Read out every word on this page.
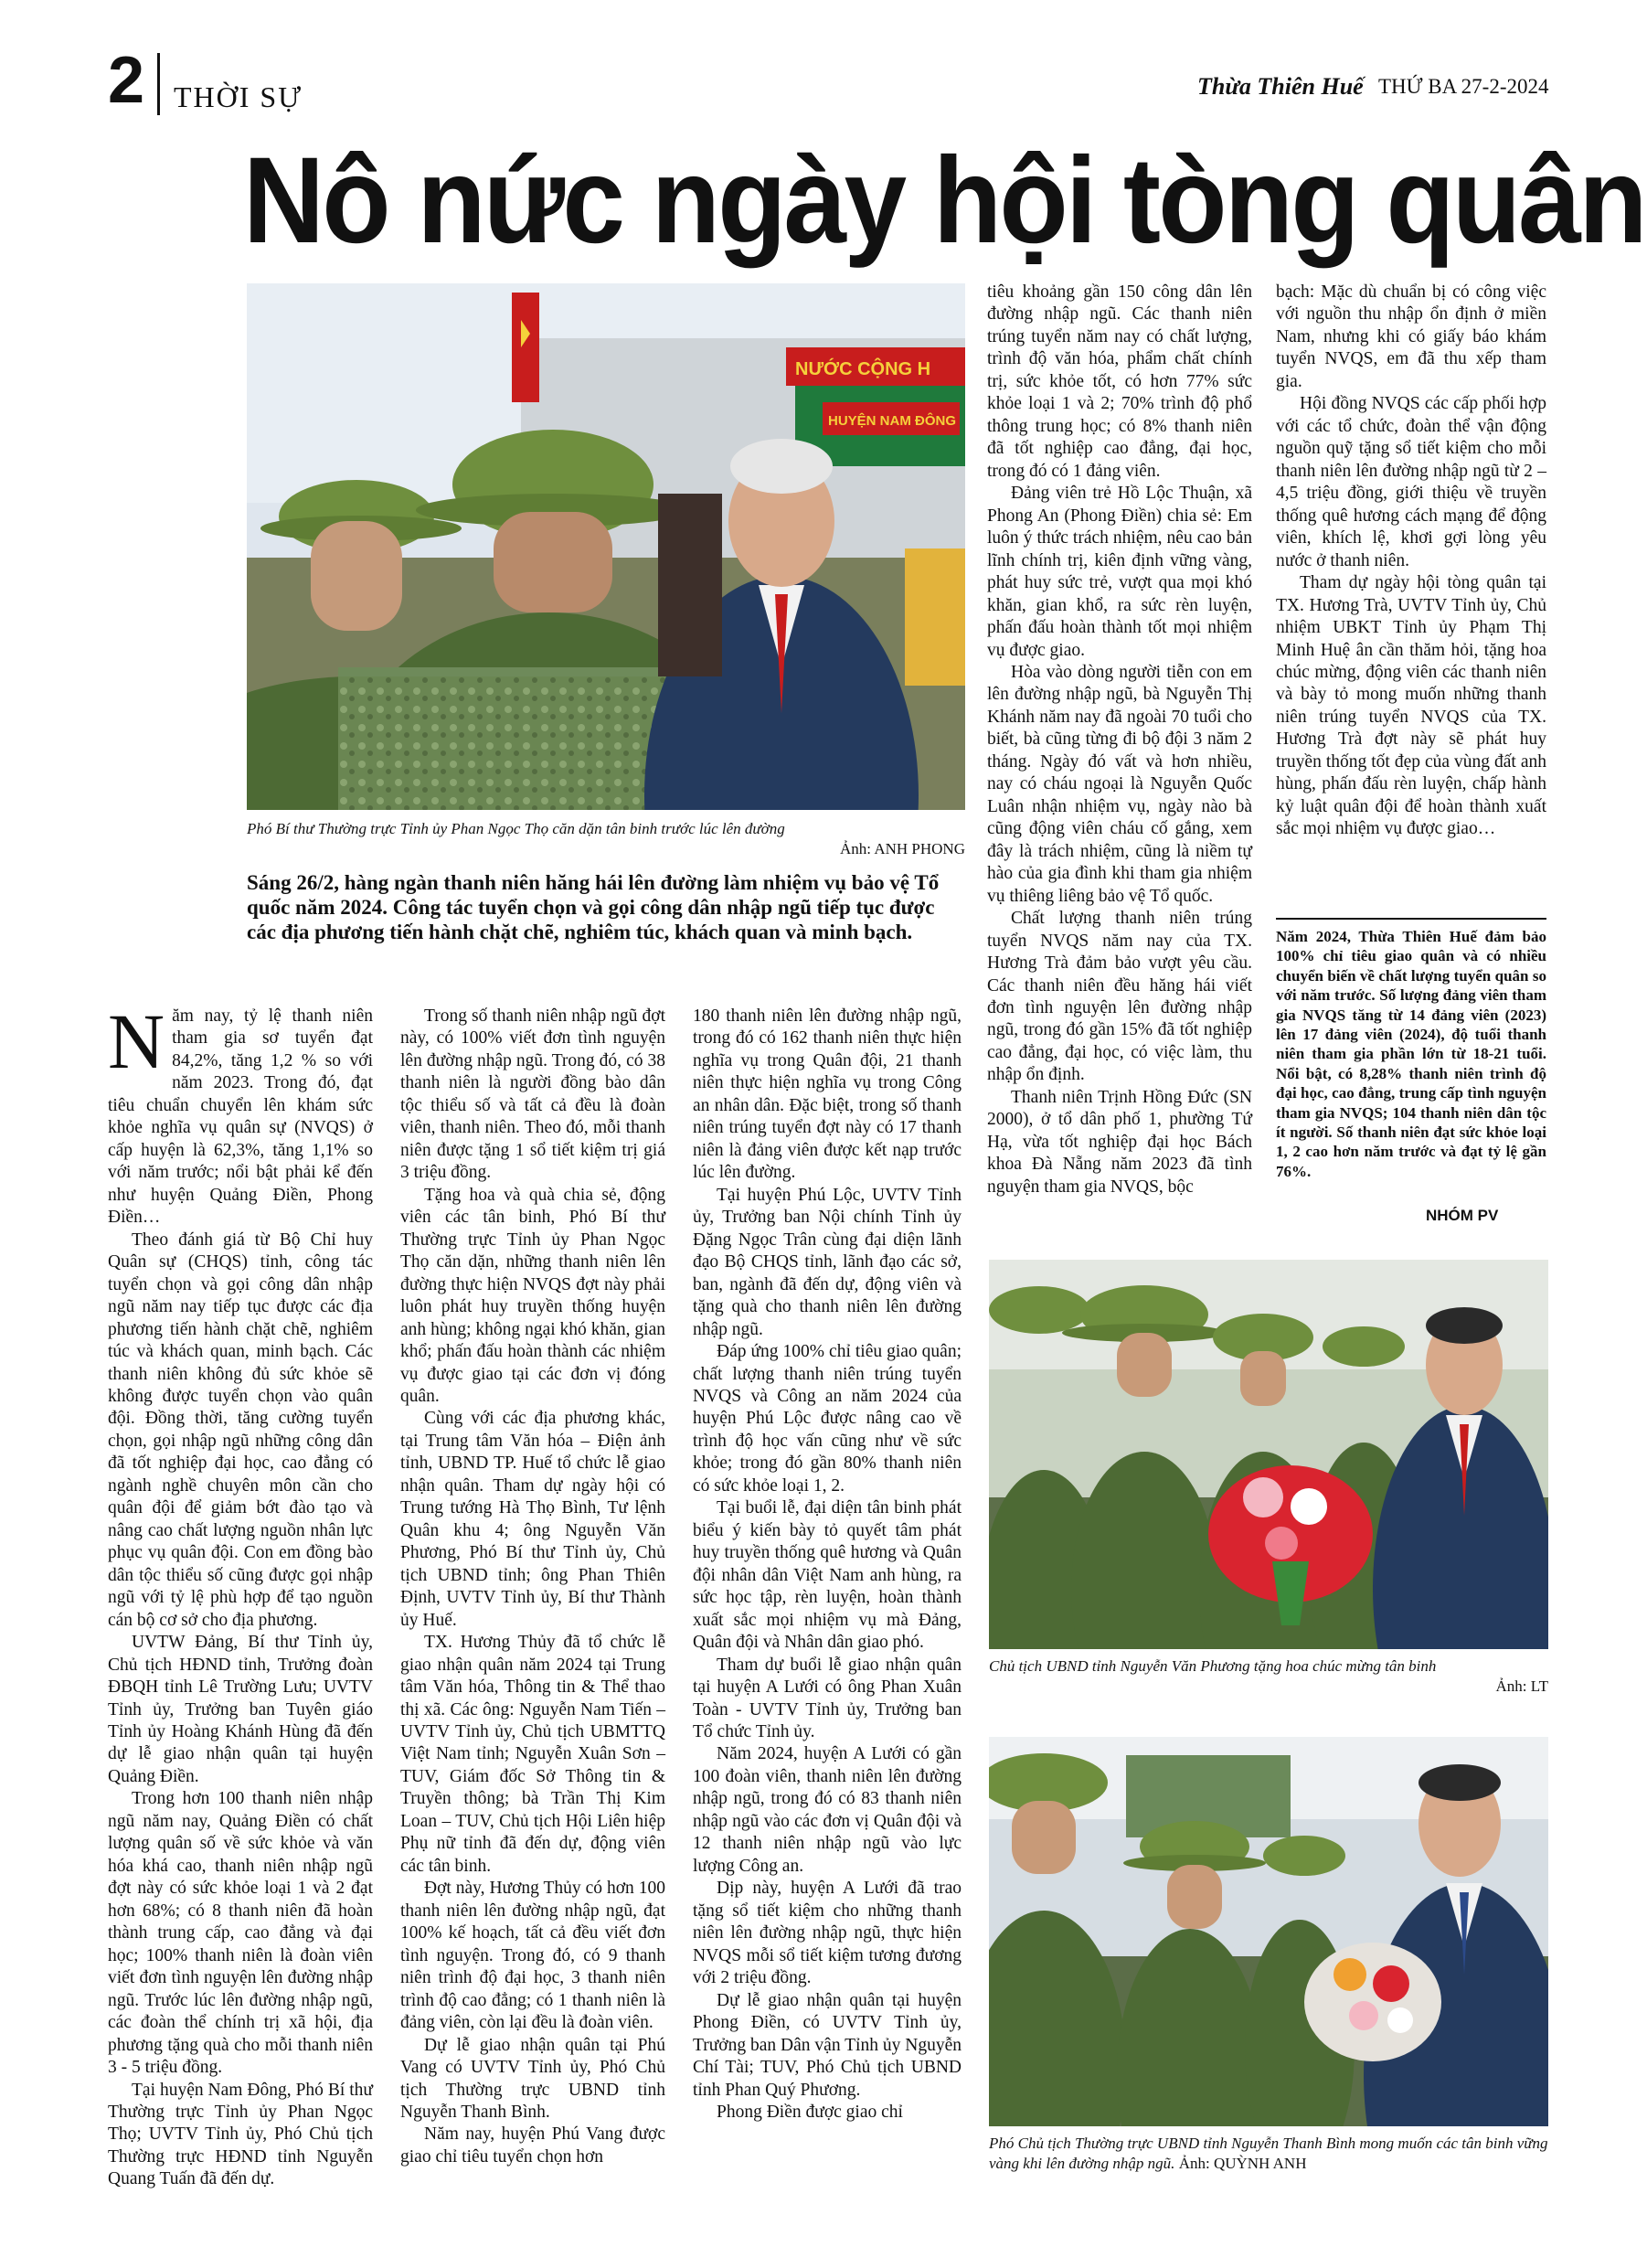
2 THỜI SỰ	Thừa Thiên Huế THỨ BA 27-2-2024
Nô nức ngày hội tòng quân
NƯỚC CỘNG H
HUYỆN NAM ĐÔNG
Phó Bí thư Thường trực Tỉnh ủy Phan Ngọc Thọ căn dặn tân binh trước lúc lên đường
Ảnh: ANH PHONG
Sáng 26/2, hàng ngàn thanh niên hăng hái lên đường làm nhiệm vụ bảo vệ Tổ quốc năm 2024. Công tác tuyển chọn và gọi công dân nhập ngũ tiếp tục được các địa phương tiến hành chặt chẽ, nghiêm túc, khách quan và minh bạch.

Năm nay, tỷ lệ thanh niên tham gia sơ tuyển đạt 84,2%, tăng 1,2 % so với năm 2023. Trong đó, đạt tiêu chuẩn chuyển lên khám sức khỏe nghĩa vụ quân sự (NVQS) ở cấp huyện là 62,3%, tăng 1,1% so với năm trước; nổi bật phải kể đến như huyện Quảng Điền, Phong Điền…

Theo đánh giá từ Bộ Chỉ huy Quân sự (CHQS) tỉnh, công tác tuyển chọn và gọi công dân nhập ngũ năm nay tiếp tục được các địa phương tiến hành chặt chẽ, nghiêm túc và khách quan, minh bạch. Các thanh niên không đủ sức khỏe sẽ không được tuyển chọn vào quân đội. Đồng thời, tăng cường tuyển chọn, gọi nhập ngũ những công dân đã tốt nghiệp đại học, cao đẳng có ngành nghề chuyên môn cần cho quân đội để giảm bớt đào tạo và nâng cao chất lượng nguồn nhân lực phục vụ quân đội. Con em đồng bào dân tộc thiểu số cũng được gọi nhập ngũ với tỷ lệ phù hợp để tạo nguồn cán bộ cơ sở cho địa phương.

UVTW Đảng, Bí thư Tỉnh ủy, Chủ tịch HĐND tỉnh, Trưởng đoàn ĐBQH tỉnh Lê Trường Lưu; UVTV Tỉnh ủy, Trưởng ban Tuyên giáo Tỉnh ủy Hoàng Khánh Hùng đã đến dự lễ giao nhận quân tại huyện Quảng Điền.

Trong hơn 100 thanh niên nhập ngũ năm nay, Quảng Điền có chất lượng quân số về sức khỏe và văn hóa khá cao, thanh niên nhập ngũ đợt này có sức khỏe loại 1 và 2 đạt hơn 68%; có 8 thanh niên đã hoàn thành trung cấp, cao đẳng và đại học; 100% thanh niên là đoàn viên viết đơn tình nguyện lên đường nhập ngũ. Trước lúc lên đường nhập ngũ, các đoàn thể chính trị xã hội, địa phương tặng quà cho mỗi thanh niên 3 - 5 triệu đồng.

Tại huyện Nam Đông, Phó Bí thư Thường trực Tỉnh ủy Phan Ngọc Thọ; UVTV Tỉnh ủy, Phó Chủ tịch Thường trực HĐND tỉnh Nguyễn Quang Tuấn đã đến dự.

Trong số thanh niên nhập ngũ đợt này, có 100% viết đơn tình nguyện lên đường nhập ngũ. Trong đó, có 38 thanh niên là người đồng bào dân tộc thiểu số và tất cả đều là đoàn viên, thanh niên. Theo đó, mỗi thanh niên được tặng 1 sổ tiết kiệm trị giá 3 triệu đồng.

Tặng hoa và quà chia sẻ, động viên các tân binh, Phó Bí thư Thường trực Tỉnh ủy Phan Ngọc Thọ căn dặn, những thanh niên lên đường thực hiện NVQS đợt này phải luôn phát huy truyền thống huyện anh hùng; không ngại khó khăn, gian khổ; phấn đấu hoàn thành các nhiệm vụ được giao tại các đơn vị đóng quân.

Cùng với các địa phương khác, tại Trung tâm Văn hóa – Điện ảnh tỉnh, UBND TP. Huế tổ chức lễ giao nhận quân. Tham dự ngày hội có Trung tướng Hà Thọ Bình, Tư lệnh Quân khu 4; ông Nguyễn Văn Phương, Phó Bí thư Tỉnh ủy, Chủ tịch UBND tỉnh; ông Phan Thiên Định, UVTV Tỉnh ủy, Bí thư Thành ủy Huế.

TX. Hương Thủy đã tổ chức lễ giao nhận quân năm 2024 tại Trung tâm Văn hóa, Thông tin & Thể thao thị xã. Các ông: Nguyễn Nam Tiến – UVTV Tỉnh ủy, Chủ tịch UBMTTQ Việt Nam tỉnh; Nguyễn Xuân Sơn – TUV, Giám đốc Sở Thông tin & Truyền thông; bà Trần Thị Kim Loan – TUV, Chủ tịch Hội Liên hiệp Phụ nữ tỉnh đã đến dự, động viên các tân binh.

Đợt này, Hương Thủy có hơn 100 thanh niên lên đường nhập ngũ, đạt 100% kế hoạch, tất cả đều viết đơn tình nguyện. Trong đó, có 9 thanh niên trình độ đại học, 3 thanh niên trình độ cao đẳng; có 1 thanh niên là đảng viên, còn lại đều là đoàn viên.

Dự lễ giao nhận quân tại Phú Vang có UVTV Tỉnh ủy, Phó Chủ tịch Thường trực UBND tỉnh Nguyễn Thanh Bình.

Năm nay, huyện Phú Vang được giao chỉ tiêu tuyển chọn hơn

180 thanh niên lên đường nhập ngũ, trong đó có 162 thanh niên thực hiện nghĩa vụ trong Quân đội, 21 thanh niên thực hiện nghĩa vụ trong Công an nhân dân. Đặc biệt, trong số thanh niên trúng tuyển đợt này có 17 thanh niên là đảng viên được kết nạp trước lúc lên đường.

Tại huyện Phú Lộc, UVTV Tỉnh ủy, Trưởng ban Nội chính Tỉnh ủy Đặng Ngọc Trân cùng đại diện lãnh đạo Bộ CHQS tỉnh, lãnh đạo các sở, ban, ngành đã đến dự, động viên và tặng quà cho thanh niên lên đường nhập ngũ.

Đáp ứng 100% chỉ tiêu giao quân; chất lượng thanh niên trúng tuyển NVQS và Công an năm 2024 của huyện Phú Lộc được nâng cao về trình độ học vấn cũng như về sức khỏe; trong đó gần 80% thanh niên có sức khỏe loại 1, 2.

Tại buổi lễ, đại diện tân binh phát biểu ý kiến bày tỏ quyết tâm phát huy truyền thống quê hương và Quân đội nhân dân Việt Nam anh hùng, ra sức học tập, rèn luyện, hoàn thành xuất sắc mọi nhiệm vụ mà Đảng, Quân đội và Nhân dân giao phó.

Tham dự buổi lễ giao nhận quân tại huyện A Lưới có ông Phan Xuân Toàn - UVTV Tỉnh ủy, Trưởng ban Tổ chức Tỉnh ủy.

Năm 2024, huyện A Lưới có gần 100 đoàn viên, thanh niên lên đường nhập ngũ, trong đó có 83 thanh niên nhập ngũ vào các đơn vị Quân đội và 12 thanh niên nhập ngũ vào lực lượng Công an.

Dịp này, huyện A Lưới đã trao tặng sổ tiết kiệm cho những thanh niên lên đường nhập ngũ, thực hiện NVQS mỗi sổ tiết kiệm tương đương với 2 triệu đồng.

Dự lễ giao nhận quân tại huyện Phong Điền, có UVTV Tỉnh ủy, Trưởng ban Dân vận Tỉnh ủy Nguyễn Chí Tài; TUV, Phó Chủ tịch UBND tỉnh Phan Quý Phương.

Phong Điền được giao chỉ

tiêu khoảng gần 150 công dân lên đường nhập ngũ. Các thanh niên trúng tuyển năm nay có chất lượng, trình độ văn hóa, phẩm chất chính trị, sức khỏe tốt, có hơn 77% sức khỏe loại 1 và 2; 70% trình độ phổ thông trung học; có 8% thanh niên đã tốt nghiệp cao đẳng, đại học, trong đó có 1 đảng viên.

Đảng viên trẻ Hồ Lộc Thuận, xã Phong An (Phong Điền) chia sẻ: Em luôn ý thức trách nhiệm, nêu cao bản lĩnh chính trị, kiên định vững vàng, phát huy sức trẻ, vượt qua mọi khó khăn, gian khổ, ra sức rèn luyện, phấn đấu hoàn thành tốt mọi nhiệm vụ được giao.

Hòa vào dòng người tiễn con em lên đường nhập ngũ, bà Nguyễn Thị Khánh năm nay đã ngoài 70 tuổi cho biết, bà cũng từng đi bộ đội 3 năm 2 tháng. Ngày đó vất và hơn nhiều, nay có cháu ngoại là Nguyễn Quốc Luân nhận nhiệm vụ, ngày nào bà cũng động viên cháu cố gắng, xem đây là trách nhiệm, cũng là niềm tự hào của gia đình khi tham gia nhiệm vụ thiêng liêng bảo vệ Tổ quốc.

Chất lượng thanh niên trúng tuyển NVQS năm nay của TX. Hương Trà đảm bảo vượt yêu cầu. Các thanh niên đều hăng hái viết đơn tình nguyện lên đường nhập ngũ, trong đó gần 15% đã tốt nghiệp cao đẳng, đại học, có việc làm, thu nhập ổn định.

Thanh niên Trịnh Hồng Đức (SN 2000), ở tổ dân phố 1, phường Tứ Hạ, vừa tốt nghiệp đại học Bách khoa Đà Nẵng năm 2023 đã tình nguyện tham gia NVQS, bộc

bạch: Mặc dù chuẩn bị có công việc với nguồn thu nhập ổn định ở miền Nam, nhưng khi có giấy báo khám tuyển NVQS, em đã thu xếp tham gia.

Hội đồng NVQS các cấp phối hợp với các tổ chức, đoàn thể vận động nguồn quỹ tặng sổ tiết kiệm cho mỗi thanh niên lên đường nhập ngũ từ 2 – 4,5 triệu đồng, giới thiệu về truyền thống quê hương cách mạng để động viên, khích lệ, khơi gợi lòng yêu nước ở thanh niên.

Tham dự ngày hội tòng quân tại TX. Hương Trà, UVTV Tỉnh ủy, Chủ nhiệm UBKT Tỉnh ủy Phạm Thị Minh Huệ ân cần thăm hỏi, tặng hoa chúc mừng, động viên các thanh niên và bày tỏ mong muốn những thanh niên trúng tuyển NVQS của TX. Hương Trà đợt này sẽ phát huy truyền thống tốt đẹp của vùng đất anh hùng, phấn đấu rèn luyện, chấp hành kỷ luật quân đội để hoàn thành xuất sắc mọi nhiệm vụ được giao…

Năm 2024, Thừa Thiên Huế đảm bảo 100% chỉ tiêu giao quân và có nhiều chuyển biến về chất lượng tuyển quân so với năm trước. Số lượng đảng viên tham gia NVQS tăng từ 14 đảng viên (2023) lên 17 đảng viên (2024), độ tuổi thanh niên tham gia phần lớn từ 18-21 tuổi. Nổi bật, có 8,28% thanh niên trình độ đại học, cao đẳng, trung cấp tình nguyện tham gia NVQS; 104 thanh niên dân tộc ít người. Số thanh niên đạt sức khỏe loại 1, 2 cao hơn năm trước và đạt tỷ lệ gần 76%.
NHÓM PV
Chủ tịch UBND tỉnh Nguyễn Văn Phương tặng hoa chúc mừng tân binh
Ảnh: LT
Phó Chủ tịch Thường trực UBND tỉnh Nguyễn Thanh Bình mong muốn các tân binh vững vàng khi lên đường nhập ngũ. Ảnh: QUỲNH ANH
